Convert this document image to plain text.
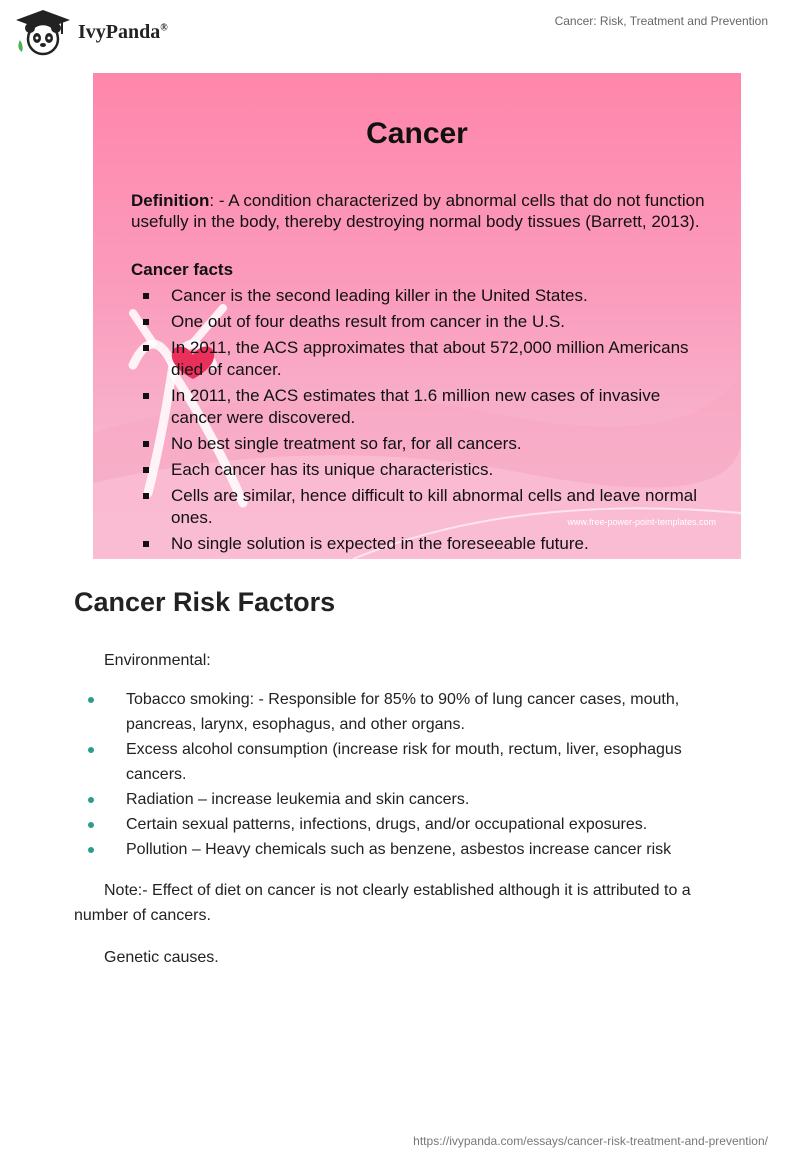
IvyPanda®	Cancer: Risk, Treatment and Prevention
Cancer
Definition: - A condition characterized by abnormal cells that do not function usefully in the body, thereby destroying normal body tissues (Barrett, 2013).
Cancer facts
Cancer is the second leading killer in the United States.
One out of four deaths result from cancer in the U.S.
In 2011, the ACS approximates that about 572,000 million Americans died of cancer.
In 2011, the ACS estimates that 1.6 million new cases of invasive cancer were discovered.
No best single treatment so far, for all cancers.
Each cancer has its unique characteristics.
Cells are similar, hence difficult to kill abnormal cells and leave normal ones.
No single solution is expected in the foreseeable future.
www.free-power-point-templates.com
Cancer Risk Factors
Environmental:
Tobacco smoking: - Responsible for 85% to 90% of lung cancer cases, mouth, pancreas, larynx, esophagus, and other organs.
Excess alcohol consumption (increase risk for mouth, rectum, liver, esophagus cancers.
Radiation – increase leukemia and skin cancers.
Certain sexual patterns, infections, drugs, and/or occupational exposures.
Pollution – Heavy chemicals such as benzene, asbestos increase cancer risk
Note:- Effect of diet on cancer is not clearly established although it is attributed to a number of cancers.
Genetic causes.
https://ivypanda.com/essays/cancer-risk-treatment-and-prevention/
